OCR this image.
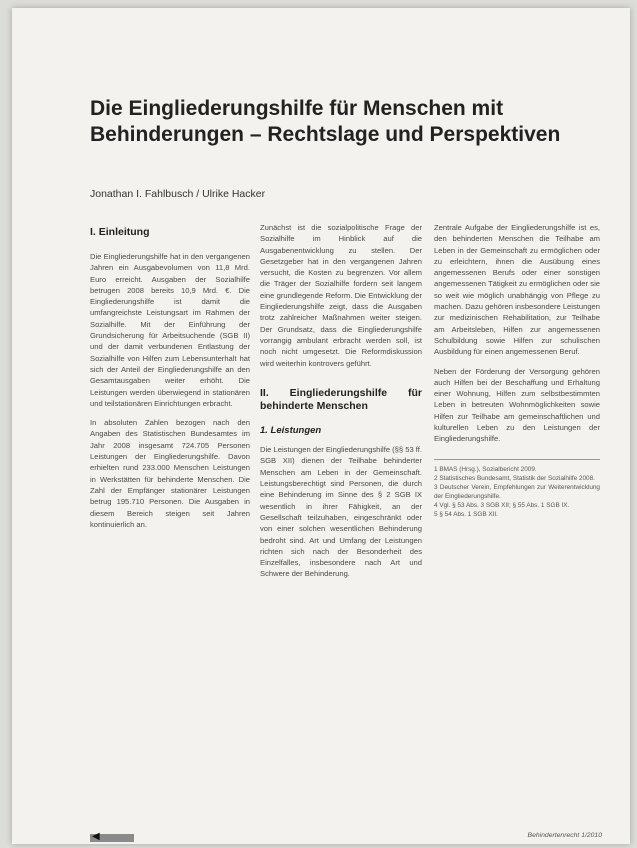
Die Eingliederungshilfe für Menschen mit Behinderungen – Rechtslage und Perspektiven
Jonathan I. Fahlbusch / Ulrike Hacker
I. Einleitung

Die Eingliederungshilfe hat in den vergangenen Jahren ein Ausgabevolumen von 11,8 Mrd. Euro erreicht. Ausgaben der Sozialhilfe betrugen 2008 bereits 10,9 Mrd. €. Die Eingliederungshilfe ist damit die umfangreichste Leistungsart im Rahmen der Sozialhilfe. Mit der Einführung der Grundsicherung für Arbeitsuchende (SGB II) und der damit verbundenen Entlastung der Sozialhilfe von Hilfen zum Lebensunterhalt hat sich der Anteil der Eingliederungshilfe an den Gesamtausgaben weiter erhöht. Die Leistungen werden überwiegend in stationären und teilstationären Einrichtungen erbracht.

In absoluten Zahlen bezogen nach den Angaben des Statistischen Bundesamtes im Jahr 2008 insgesamt 724.705 Personen Leistungen der Eingliederungshilfe. Davon erhielten rund 233.000 Menschen Leistungen in Werkstätten für behinderte Menschen. Die Zahl der Empfänger stationärer Leistungen betrug 195.710 Personen. Die Ausgaben in diesem Bereich steigen seit Jahren kontinuierlich an.

Zunächst ist die sozialpolitische Frage der Sozialhilfe im Hinblick auf die Ausgabenentwicklung zu stellen. Der Gesetzgeber hat in den vergangenen Jahren versucht, die Kosten zu begrenzen. Vor allem die Träger der Sozialhilfe fordern seit langem eine grundlegende Reform. Die Entwicklung der Eingliederungshilfe zeigt, dass die Ausgaben trotz zahlreicher Maßnahmen weiter steigen. Der Grundsatz, dass die Eingliederungshilfe vorrangig ambulant erbracht werden soll, ist noch nicht umgesetzt. Die Reformdiskussion wird weiterhin kontrovers geführt.

II. Eingliederungshilfe für behinderte Menschen
1. Leistungen

Die Leistungen der Eingliederungshilfe (§§ 53 ff. SGB XII) dienen der Teilhabe behinderter Menschen am Leben in der Gemeinschaft. Leistungsberechtigt sind Personen, die durch eine Behinderung im Sinne des § 2 SGB IX wesentlich in ihrer Fähigkeit, an der Gesellschaft teilzuhaben, eingeschränkt oder von einer solchen wesentlichen Behinderung bedroht sind. Art und Umfang der Leistungen richten sich nach der Besonderheit des Einzelfalles, insbesondere nach Art und Schwere der Behinderung.

Zentrale Aufgabe der Eingliederungshilfe ist es, den behinderten Menschen die Teilhabe am Leben in der Gemeinschaft zu ermöglichen oder zu erleichtern, ihnen die Ausübung eines angemessenen Berufs oder einer sonstigen angemessenen Tätigkeit zu ermöglichen oder sie so weit wie möglich unabhängig von Pflege zu machen. Dazu gehören insbesondere Leistungen zur medizinischen Rehabilitation, zur Teilhabe am Arbeitsleben, Hilfen zur angemessenen Schulbildung sowie Hilfen zur schulischen Ausbildung für einen angemessenen Beruf.

Neben der Förderung der Versorgung gehören auch Hilfen bei der Beschaffung und Erhaltung einer Wohnung, Hilfen zum selbstbestimmten Leben in betreuten Wohnmöglichkeiten sowie Hilfen zur Teilhabe am gemeinschaftlichen und kulturellen Leben zu den Leistungen der Eingliederungshilfe.

1 BMAS (Hrsg.), Sozialbericht 2009.

2 Statistisches Bundesamt, Statistik der Sozialhilfe 2008.

3 Deutscher Verein, Empfehlungen zur Weiterentwicklung der Eingliederungshilfe.

4 Vgl. § 53 Abs. 3 SGB XII; § 55 Abs. 1 SGB IX.

5 § 54 Abs. 1 SGB XII.

◀	Behindertenrecht 1/2010
